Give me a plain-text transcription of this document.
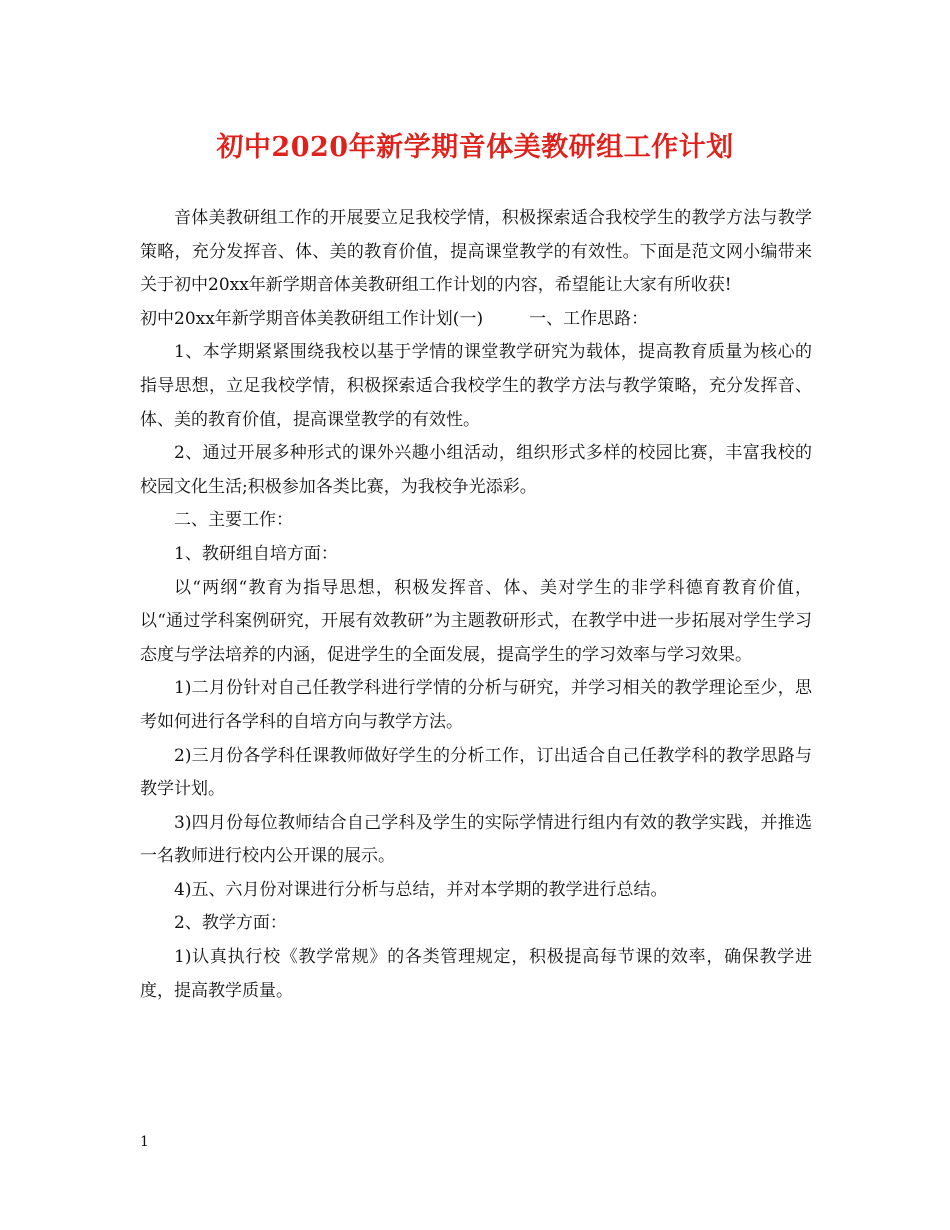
初中2020年新学期音体美教研组工作计划

音体美教研组工作的开展要立足我校学情，积极探索适合我校学生的教学方法与教学策略，充分发挥音、体、美的教育价值，提高课堂教学的有效性。下面是范文网小编带来关于初中20xx年新学期音体美教研组工作计划的内容，希望能让大家有所收获!

初中20xx年新学期音体美教研组工作计划(一)	一、工作思路：

1、本学期紧紧围绕我校以基于学情的课堂教学研究为载体，提高教育质量为核心的指导思想，立足我校学情，积极探索适合我校学生的教学方法与教学策略，充分发挥音、体、美的教育价值，提高课堂教学的有效性。

2、通过开展多种形式的课外兴趣小组活动，组织形式多样的校园比赛，丰富我校的校园文化生活;积极参加各类比赛，为我校争光添彩。

二、主要工作：

1、教研组自培方面：

以“两纲“教育为指导思想，积极发挥音、体、美对学生的非学科德育教育价值，以“通过学科案例研究，开展有效教研”为主题教研形式，在教学中进一步拓展对学生学习态度与学法培养的内涵，促进学生的全面发展，提高学生的学习效率与学习效果。

1)二月份针对自己任教学科进行学情的分析与研究，并学习相关的教学理论至少，思考如何进行各学科的自培方向与教学方法。

2)三月份各学科任课教师做好学生的分析工作，订出适合自己任教学科的教学思路与教学计划。

3)四月份每位教师结合自己学科及学生的实际学情进行组内有效的教学实践，并推选一名教师进行校内公开课的展示。

4)五、六月份对课进行分析与总结，并对本学期的教学进行总结。

2、教学方面：

1)认真执行校《教学常规》的各类管理规定，积极提高每节课的效率，确保教学进度，提高教学质量。

1
